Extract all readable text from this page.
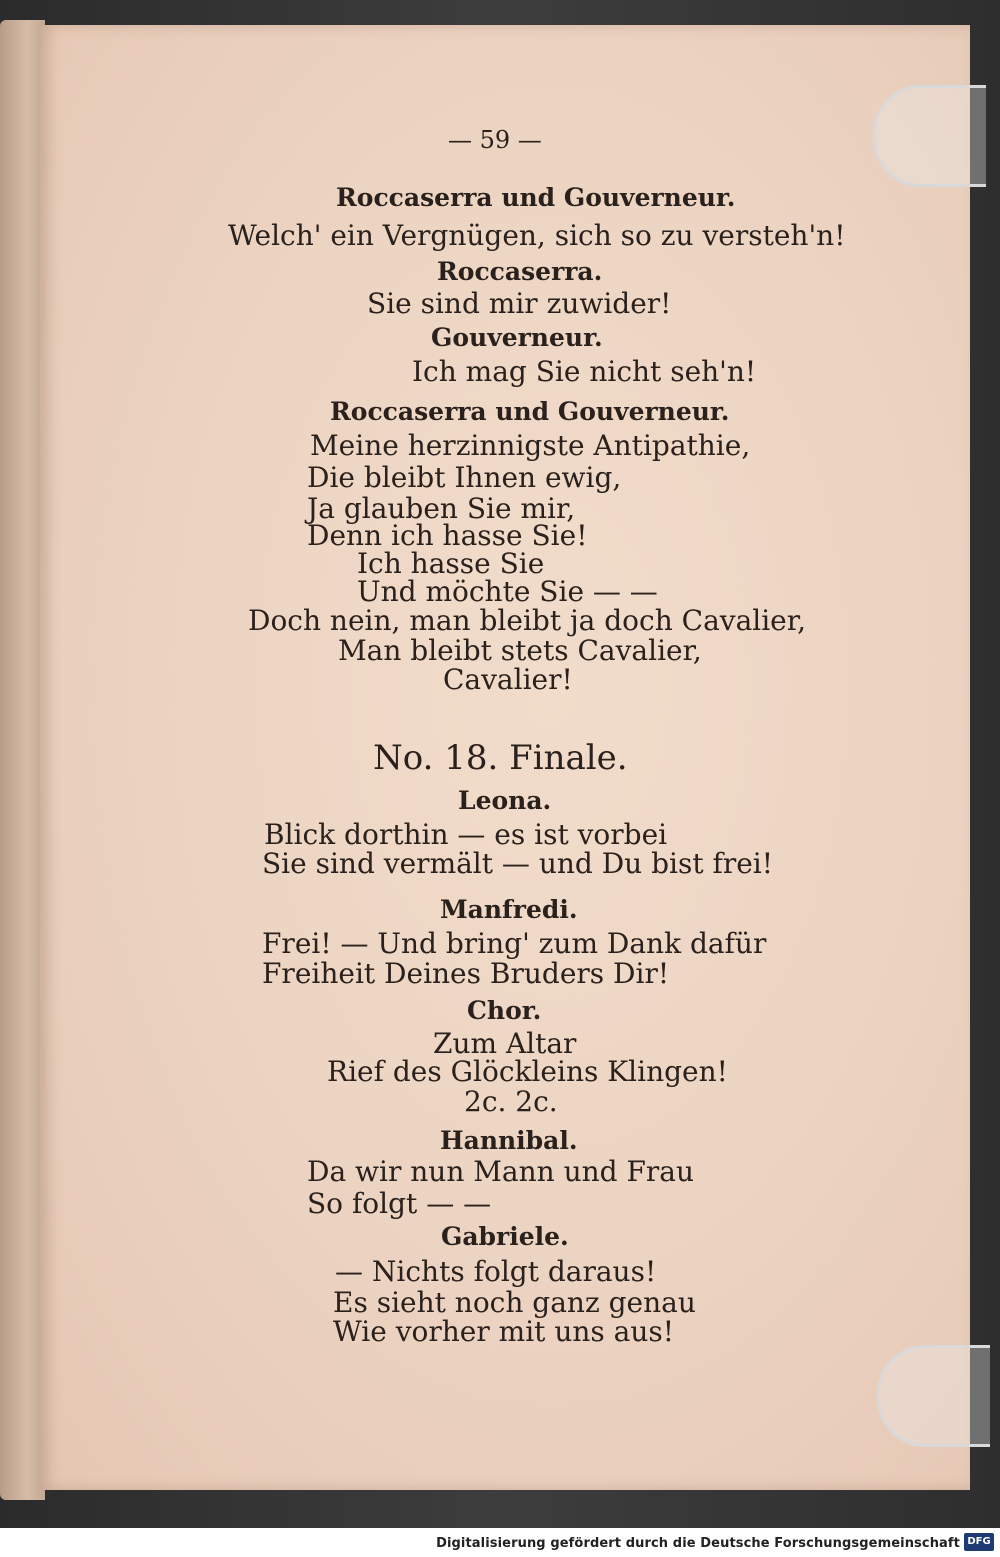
— 59 —
Roccaserra und Gouverneur.
Welch' ein Vergnügen, sich so zu versteh'n!
Roccaserra.
Sie sind mir zuwider!
Gouverneur.
Ich mag Sie nicht seh'n!
Roccaserra und Gouverneur.
Meine herzinnigste Antipathie,
Die bleibt Ihnen ewig,
Ja glauben Sie mir,
Denn ich hasse Sie!
Ich hasse Sie
Und möchte Sie — —
Doch nein, man bleibt ja doch Cavalier,
Man bleibt stets Cavalier,
Cavalier!
No. 18. Finale.
Leona.
Blick dorthin — es ist vorbei
Sie sind vermält — und Du bist frei!
Manfredi.
Frei! — Und bring' zum Dank dafür
Freiheit Deines Bruders Dir!
Chor.
Zum Altar
Rief des Glöckleins Klingen!
2c. 2c.
Hannibal.
Da wir nun Mann und Frau
So folgt — —
Gabriele.
— Nichts folgt daraus!
Es sieht noch ganz genau
Wie vorher mit uns aus!
Digitalisierung gefördert durch die Deutsche Forschungsgemeinschaft DFG
